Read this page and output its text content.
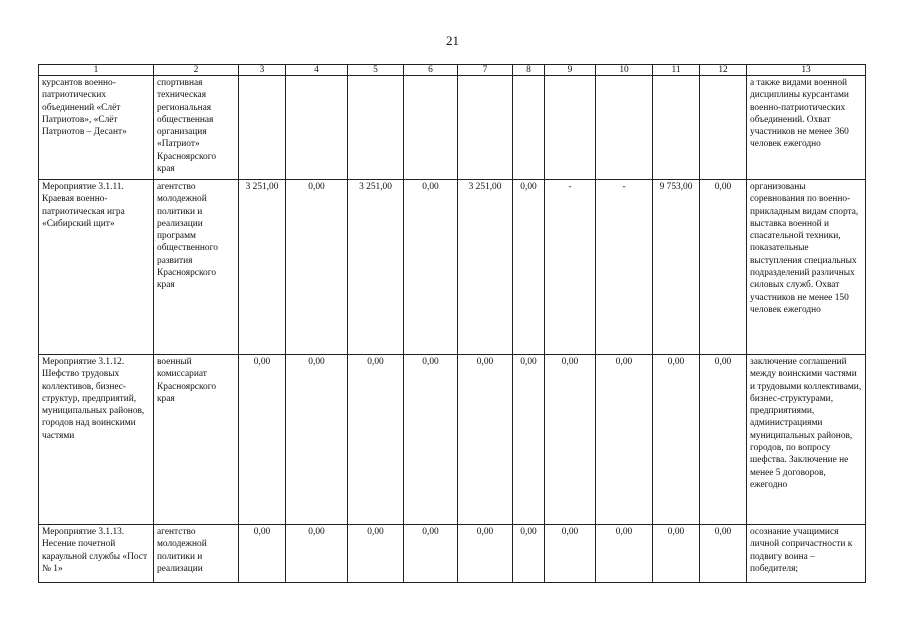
21
1	2	3	4	5	6	7	8	9	10	11	12	13
курсантов военно-патриотических объединений «Слёт Патриотов», «Слёт Патриотов – Десант»	спортивная техническая региональная общественная организация «Патриот» Красноярского края											а также видами военной дисциплины курсантами военно-патриотических объединений. Охват участников не менее 360 человек ежегодно
Мероприятие 3.1.11. Краевая военно-патриотическая игра «Сибирский щит»	агентство молодежной политики и реализации программ общественного развития Красноярского края	3 251,00	0,00	3 251,00	0,00	3 251,00	0,00	-	-	9 753,00	0,00	организованы соревнования по военно-прикладным видам спорта, выставка военной и спасательной техники, показательные выступления специальных подразделений различных силовых служб. Охват участников не менее 150 человек ежегодно
Мероприятие 3.1.12. Шефство трудовых коллективов, бизнес-структур, предприятий, муниципальных районов, городов над воинскими частями	военный комиссариат Красноярского края	0,00	0,00	0,00	0,00	0,00	0,00	0,00	0,00	0,00	0,00	заключение соглашений между воинскими частями и трудовыми коллективами, бизнес-структурами, предприятиями, администрациями муниципальных районов, городов, по вопросу шефства. Заключение не менее 5 договоров, ежегодно
Мероприятие 3.1.13. Несение почетной караульной службы «Пост № 1»	агентство молодежной политики и реализации	0,00	0,00	0,00	0,00	0,00	0,00	0,00	0,00	0,00	0,00	осознание учащимися личной сопричастности к подвигу воина – победителя;
